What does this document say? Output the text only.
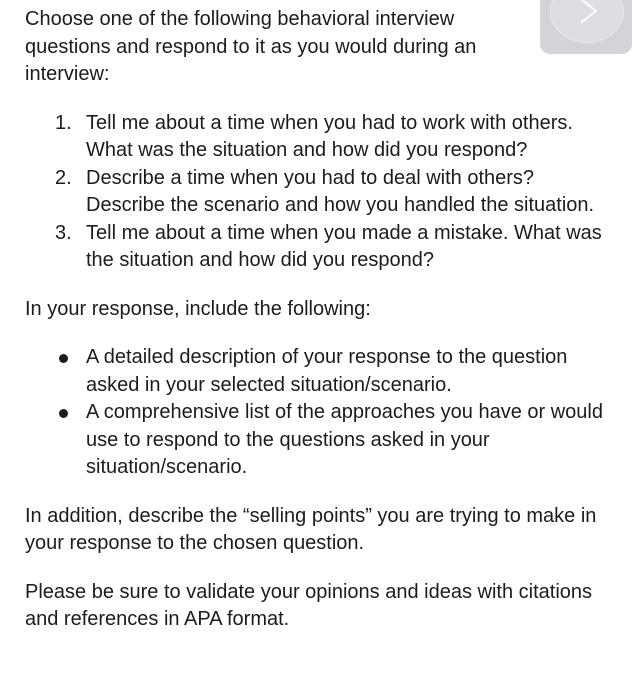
Choose one of the following behavioral interview questions and respond to it as you would during an interview:

1. Tell me about a time when you had to work with others. What was the situation and how did you respond?
2. Describe a time when you had to deal with others? Describe the scenario and how you handled the situation.
3. Tell me about a time when you made a mistake. What was the situation and how did you respond?

In your response, include the following:

A detailed description of your response to the question asked in your selected situation/scenario.
A comprehensive list of the approaches you have or would use to respond to the questions asked in your situation/scenario.

In addition, describe the “selling points” you are trying to make in your response to the chosen question.

Please be sure to validate your opinions and ideas with citations and references in APA format.
